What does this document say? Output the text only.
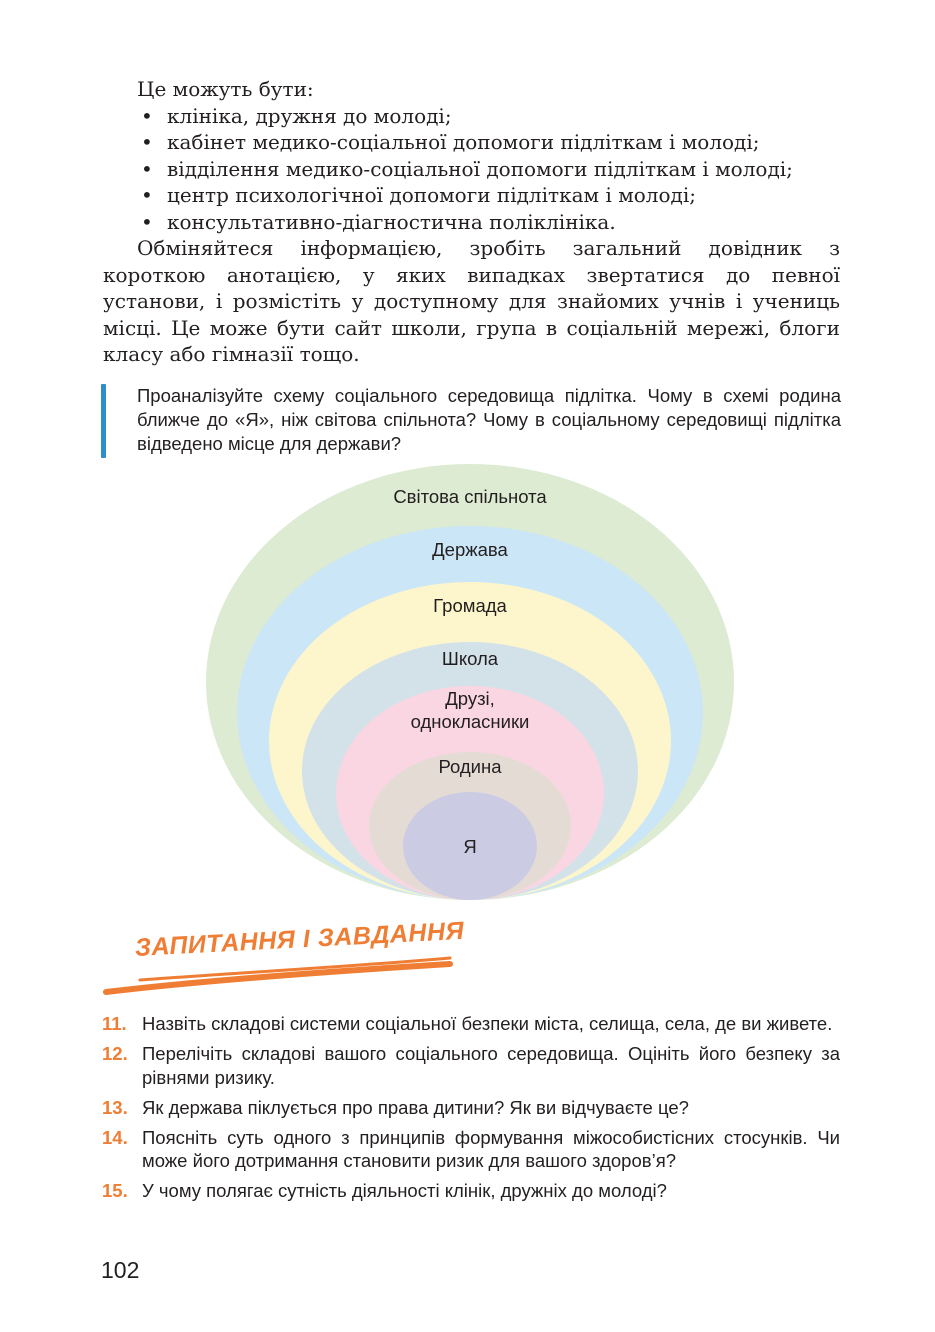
Це можуть бути:
• клініка, дружня до молоді;
• кабінет медико-соціальної допомоги підліткам і молоді;
• відділення медико-соціальної допомоги підліткам і молоді;
• центр психологічної допомоги підліткам і молоді;
• консультативно-діагностична поліклініка.
Обміняйтеся інформацією, зробіть загальний довідник з короткою анотацією, у яких випадках звертатися до певної установи, і розмістіть у доступному для знайомих учнів і учениць місці. Це може бути сайт школи, група в соціальній мережі, блоги класу або гімназії тощо.
Проаналізуйте схему соціального середовища підлітка. Чому в схемі родина ближче до «Я», ніж світова спільнота? Чому в соціальному середовищі підлітка відведено місце для держави?
Світова спільнота
Держава
Громада
Школа
Друзі,
однокласники
Родина
Я
ЗАПИТАННЯ І ЗАВДАННЯ
11. Назвіть складові системи соціальної безпеки міста, селища, села, де ви живете.
12. Перелічіть складові вашого соціального середовища. Оцініть його безпеку за рівнями ризику.
13. Як держава піклується про права дитини? Як ви відчуваєте це?
14. Поясніть суть одного з принципів формування міжособистісних стосунків. Чи може його дотримання становити ризик для вашого здоров’я?
15. У чому полягає сутність діяльності клінік, дружніх до молоді?
102
